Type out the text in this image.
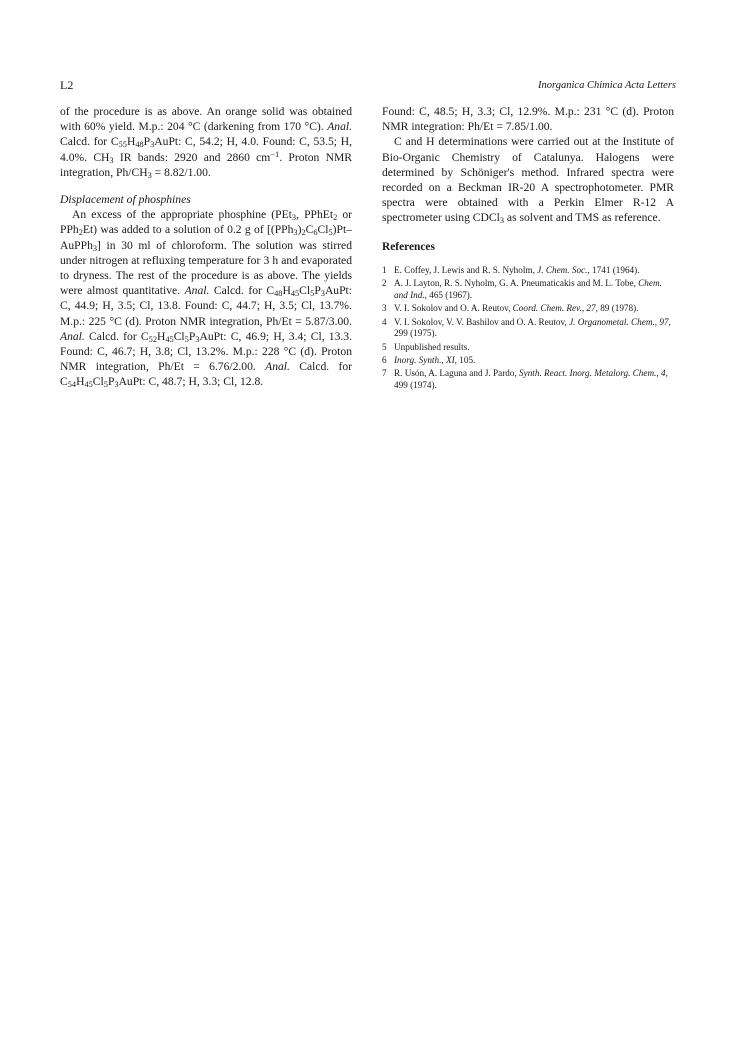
L2	Inorganica Chimica Acta Letters

of the procedure is as above. An orange solid was obtained with 60% yield. M.p.: 204 °C (darkening from 170 °C). Anal. Calcd. for $C_{55}H_{48}P_3AuPt$: C, 54.2; H, 4.0. Found: C, 53.5; H, 4.0%. $CH_3$ IR bands: 2920 and 2860 $cm^{-1}$. Proton NMR integration, $Ph/CH_3 = 8.82/1.00$.

Displacement of phosphines

An excess of the appropriate phosphine (PEt$_3$, PPhEt$_2$ or PPh$_2$Et) was added to a solution of 0.2 g of $[(PPh_3)_2C_6Cl_5)Pt-AuPPh_3$] in 30 ml of chloroform. The solution was stirred under nitrogen at refluxing temperature for 3 h and evaporated to dryness. The rest of the procedure is as above. The yields were almost quantitative. Anal. Calcd. for $C_{48}H_{45}Cl_5P_3AuPt$: C, 44.9; H, 3.5; Cl, 13.8. Found: C, 44.7; H, 3.5; Cl, 13.7%. M.p.: 225 °C (d). Proton NMR integration, Ph/Et = 5.87/3.00. Anal. Calcd. for $C_{52}H_{45}Cl_5P_3AuPt$: C, 46.9; H, 3.4; Cl, 13.3. Found: C, 46.7; H, 3.8; Cl, 13.2%. M.p.: 228 °C (d). Proton NMR integration, Ph/Et = 6.76/2.00. Anal. Calcd. for $C_{54}H_{45}Cl_5P_3AuPt$: C, 48.7; H, 3.3; Cl, 12.8.

Found: C, 48.5; H, 3.3; Cl, 12.9%. M.p.: 231 °C (d). Proton NMR integration: Ph/Et = 7.85/1.00.

C and H determinations were carried out at the Institute of Bio-Organic Chemistry of Catalunya. Halogens were determined by Schöniger's method. Infrared spectra were recorded on a Beckman IR-20 A spectrophotometer. PMR spectra were obtained with a Perkin Elmer R-12 A spectrometer using CDCl$_3$ as solvent and TMS as reference.

References

1 E. Coffey, J. Lewis and R. S. Nyholm, J. Chem. Soc., 1741 (1964).
2 A. J. Layton, R. S. Nyholm, G. A. Pneumaticakis and M. L. Tobe, Chem. and Ind., 465 (1967).
3 V. I. Sokolov and O. A. Reutov, Coord. Chem. Rev., 27, 89 (1978).
4 V. I. Sokolov, V. V. Bashilov and O. A. Reutov, J. Organometal. Chem., 97, 299 (1975).
5 Unpublished results.
6 Inorg. Synth., XI, 105.
7 R. Usón, A. Laguna and J. Pardo, Synth. React. Inorg. Metalorg. Chem., 4, 499 (1974).
